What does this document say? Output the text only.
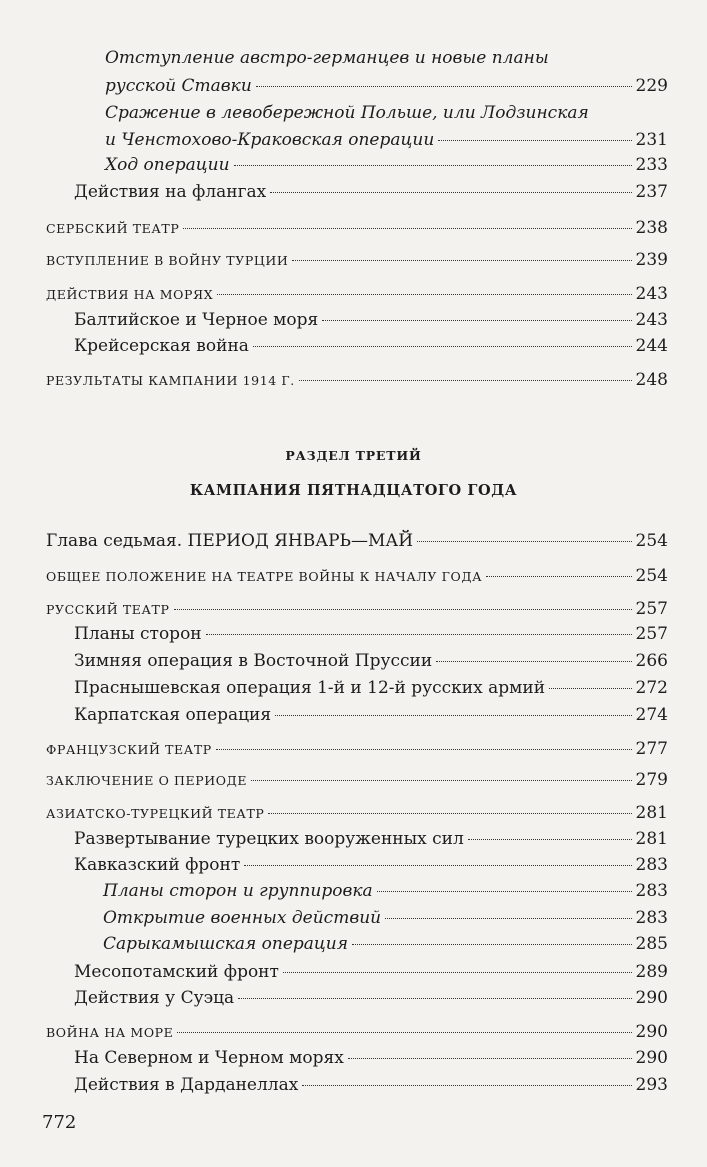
Отступление австро-германцев и новые планы
русской Ставки	229
Сражение в левобережной Польше, или Лодзинская
и Ченстохово-Краковская операции	231
Ход операции	233
Действия на флангах	237
СЕРБСКИЙ ТЕАТР	238
ВСТУПЛЕНИЕ В ВОЙНУ ТУРЦИИ	239
ДЕЙСТВИЯ НА МОРЯХ	243
Балтийское и Черное моря	243
Крейсерская война	244
РЕЗУЛЬТАТЫ КАМПАНИИ 1914 Г.	248
РАЗДЕЛ ТРЕТИЙ
КАМПАНИЯ ПЯТНАДЦАТОГО ГОДА
Глава седьмая. ПЕРИОД ЯНВАРЬ—МАЙ	254
ОБЩЕЕ ПОЛОЖЕНИЕ НА ТЕАТРЕ ВОЙНЫ К НАЧАЛУ ГОДА	254
РУССКИЙ ТЕАТР	257
Планы сторон	257
Зимняя операция в Восточной Пруссии	266
Праснышевская операция 1-й и 12-й русских армий	272
Карпатская операция	274
ФРАНЦУЗСКИЙ ТЕАТР	277
ЗАКЛЮЧЕНИЕ О ПЕРИОДЕ	279
АЗИАТСКО-ТУРЕЦКИЙ ТЕАТР	281
Развертывание турецких вооруженных сил	281
Кавказский фронт	283
Планы сторон и группировка	283
Открытие военных действий	283
Сарыкамышская операция	285
Месопотамский фронт	289
Действия у Суэца	290
ВОЙНА НА МОРЕ	290
На Северном и Черном морях	290
Действия в Дарданеллах	293
772
